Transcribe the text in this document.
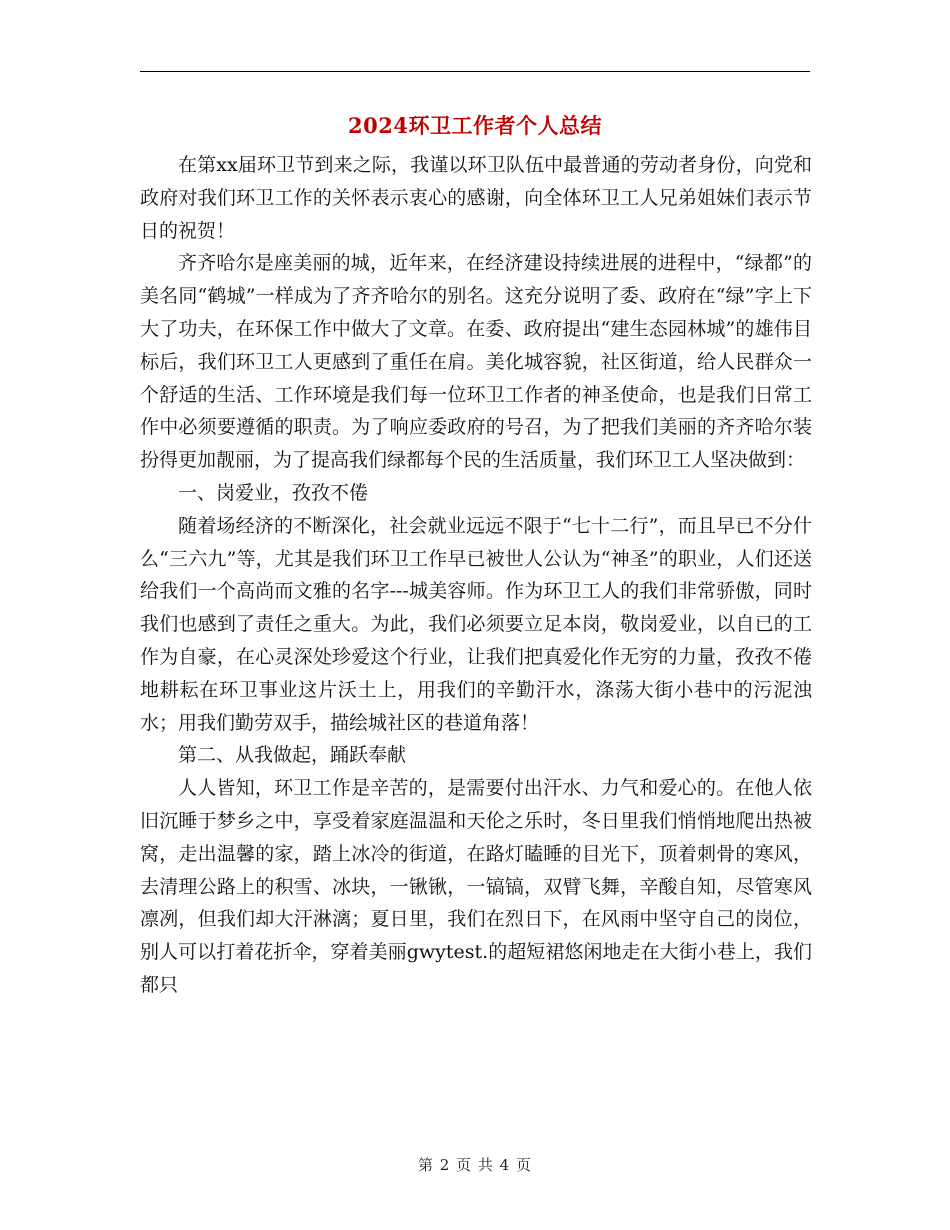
2024环卫工作者个人总结

在第xx届环卫节到来之际，我谨以环卫队伍中最普通的劳动者身份，向党和政府对我们环卫工作的关怀表示衷心的感谢，向全体环卫工人兄弟姐妹们表示节日的祝贺！

齐齐哈尔是座美丽的城，近年来，在经济建设持续进展的进程中，“绿都”的美名同“鹤城”一样成为了齐齐哈尔的别名。这充分说明了委、政府在“绿”字上下大了功夫，在环保工作中做大了文章。在委、政府提出“建生态园林城”的雄伟目标后，我们环卫工人更感到了重任在肩。美化城容貌，社区街道，给人民群众一个舒适的生活、工作环境是我们每一位环卫工作者的神圣使命，也是我们日常工作中必须要遵循的职责。为了响应委政府的号召，为了把我们美丽的齐齐哈尔装扮得更加靓丽，为了提高我们绿都每个民的生活质量，我们环卫工人坚决做到：

一、岗爱业，孜孜不倦

随着场经济的不断深化，社会就业远远不限于“七十二行”，而且早已不分什么“三六九”等，尤其是我们环卫工作早已被世人公认为“神圣”的职业，人们还送给我们一个高尚而文雅的名字---城美容师。作为环卫工人的我们非常骄傲，同时我们也感到了责任之重大。为此，我们必须要立足本岗，敬岗爱业，以自已的工作为自豪，在心灵深处珍爱这个行业，让我们把真爱化作无穷的力量，孜孜不倦地耕耘在环卫事业这片沃土上，用我们的辛勤汗水，涤荡大街小巷中的污泥浊水；用我们勤劳双手，描绘城社区的巷道角落！

第二、从我做起，踊跃奉献

人人皆知，环卫工作是辛苦的，是需要付出汗水、力气和爱心的。在他人依旧沉睡于梦乡之中，享受着家庭温温和天伦之乐时，冬日里我们悄悄地爬出热被窝，走出温馨的家，踏上冰冷的街道，在路灯瞌睡的目光下，顶着刺骨的寒风，去清理公路上的积雪、冰块，一锹锹，一镐镐，双臂飞舞，辛酸自知，尽管寒风凛冽，但我们却大汗淋漓；夏日里，我们在烈日下，在风雨中坚守自己的岗位，别人可以打着花折伞，穿着美丽gwytest.的超短裙悠闲地走在大街小巷上，我们都只

第 2 页 共 4 页
